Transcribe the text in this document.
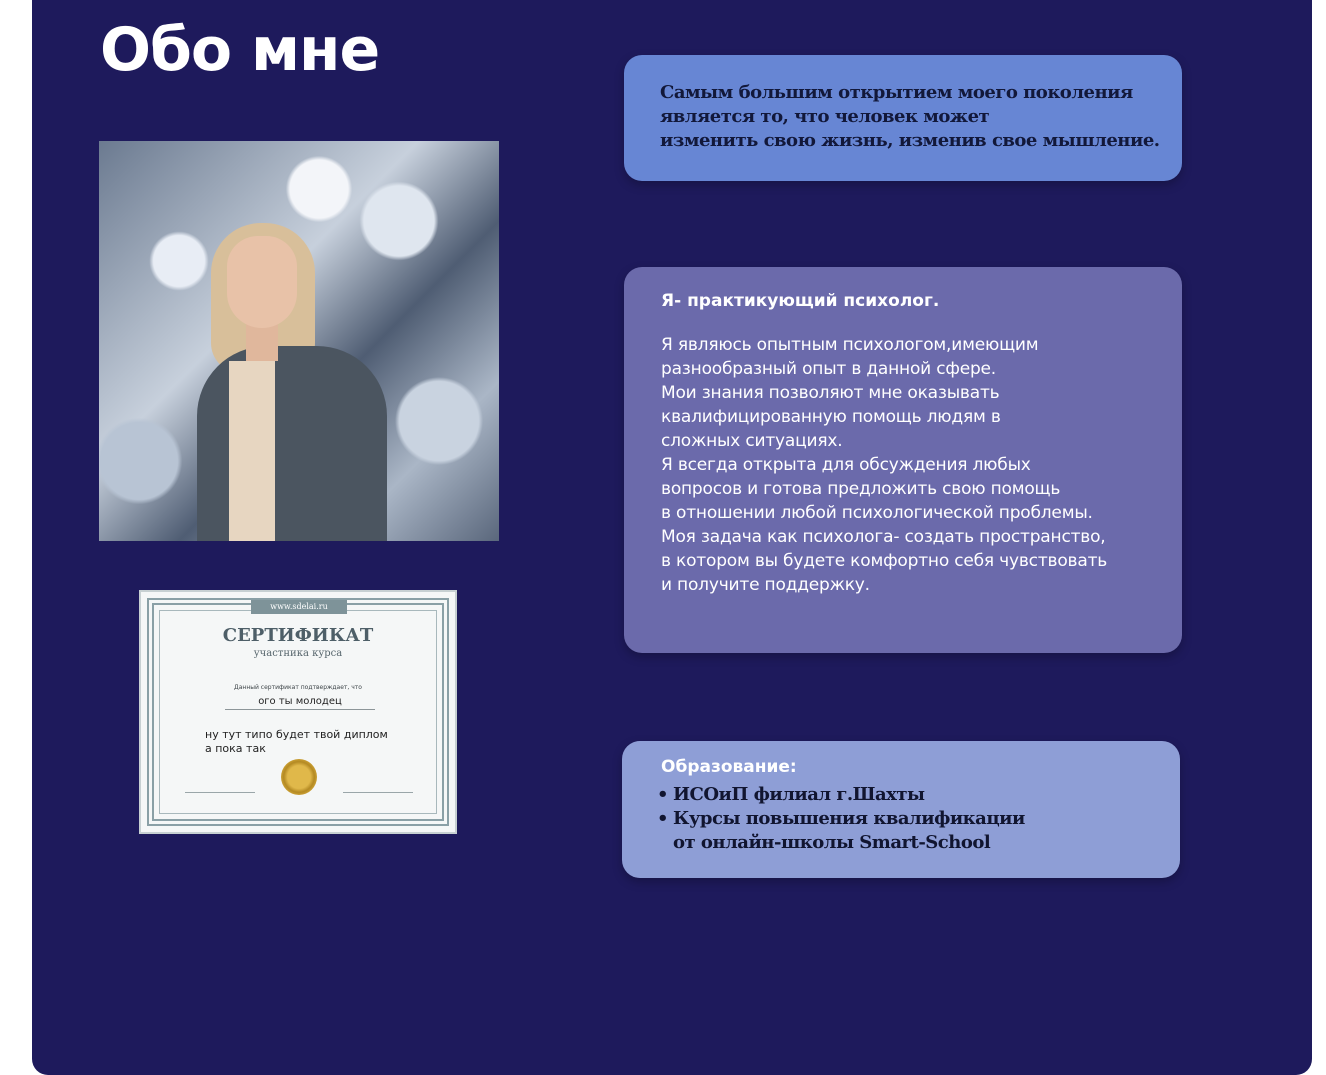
Обо мне
www.sdelai.ru
СЕРТИФИКАТ
участника курса
Данный сертификат подтверждает, что
ого ты молодец
ну тут типо будет твой диплом
а пока так

Самым большим открытием моего поколения

является то, что человек может

изменить свою жизнь, изменив свое мышление.

Я- практикующий психолог.

Я являюсь опытным психологом,имеющим

разнообразный опыт в данной сфере.

Мои знания позволяют мне оказывать

квалифицированную помощь людям в

сложных ситуациях.

Я всегда открыта для обсуждения любых

вопросов и готова предложить свою помощь

в отношении любой психологической проблемы.

Моя задача как психолога- создать пространство,

в котором вы будете комфортно себя чувствовать

и получите поддержку.

Образование:
• ИСОиП филиал г.Шахты
• Курсы повышения квалификации
от онлайн-школы Smart-School
